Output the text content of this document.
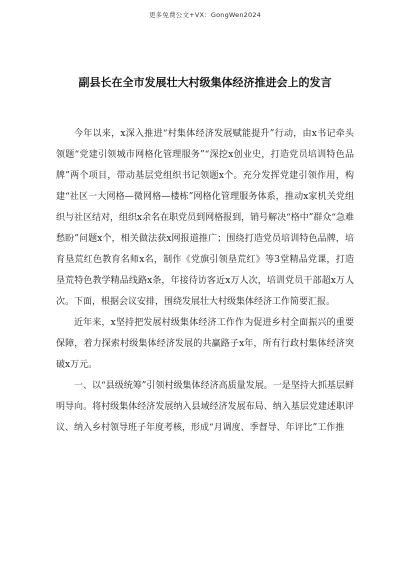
更多免费公文+VX：GongWen2024
副县长在全市发展壮大村级集体经济推进会上的发言

今年以来，x深入推进“村集体经济发展赋能提升”行动，由x书记牵头领题“党建引领城市网格化管理服务”“深挖x创业史，打造党员培训特色品牌”两个项目，带动基层党组织书记领题x个。充分发挥党建引领作用，构建“社区一大网格—微网格—楼栋”网格化管理服务体系，推动x家机关党组织与社区结对，组织x余名在职党员到网格报到，销号解决“格中”群众“急难愁盼”问题x个，相关做法获x网报道推广；围绕打造党员培训特色品牌，培育垦荒红色教育名师x名，制作《党旗引领垦荒红》等3堂精品党课，打造垦荒特色教学精品线路x条，年接待访客近x万人次，培训党员干部超x万人次。下面，根据会议安排，围绕发展壮大村级集体经济工作简要汇报。

近年来，x坚持把发展村级集体经济工作作为促进乡村全面振兴的重要保障，着力探索村级集体经济发展的共赢路子x年，所有行政村集体经济突破x万元。

一、以“县级统筹”引领村级集体经济高质量发展。一是坚持大抓基层鲜明导向。将村级集体经济发展纳入县域经济发展布局、纳入基层党建述职评议、纳入乡村领导班子年度考核，形成“月调度、季督导、年评比”工作推
